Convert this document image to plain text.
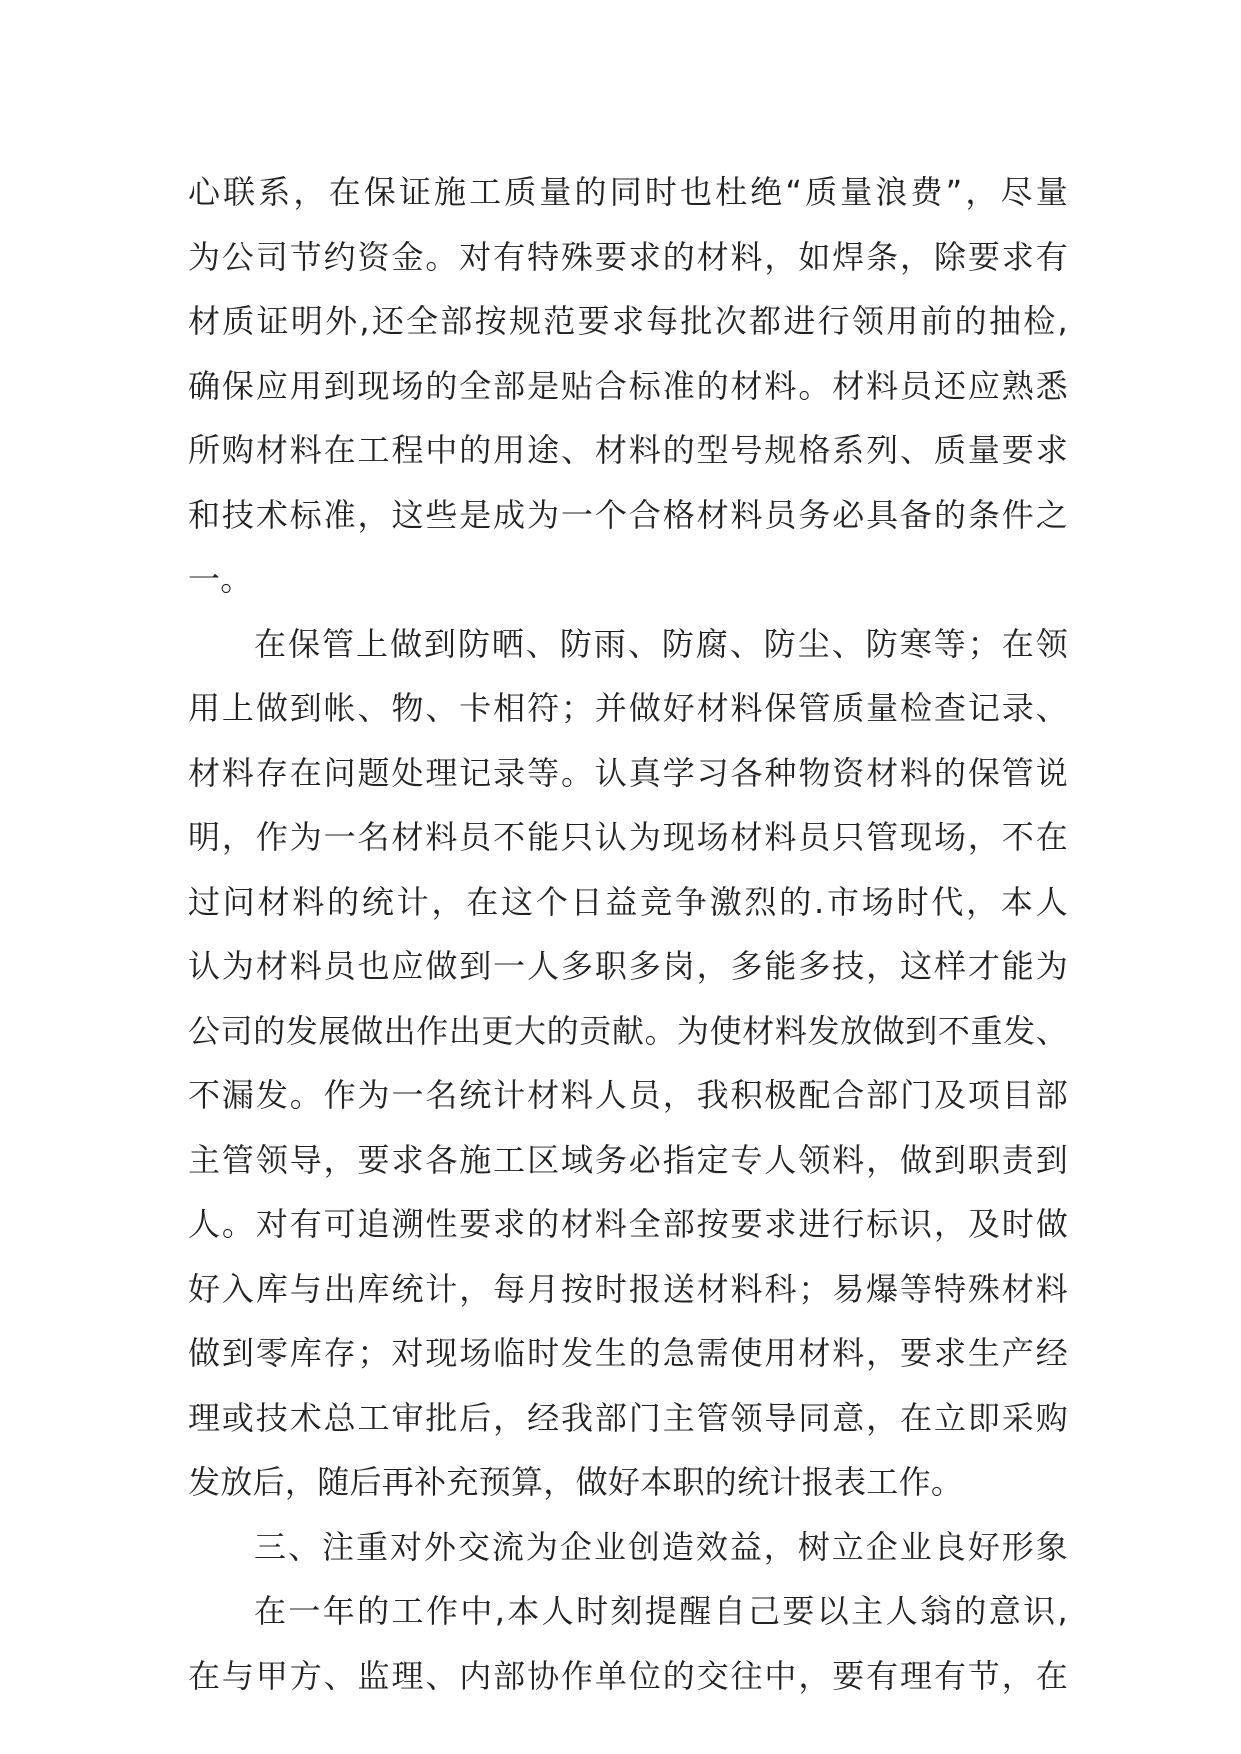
心联系，在保证施工质量的同时也杜绝“质量浪费”，尽量
为公司节约资金。对有特殊要求的材料，如焊条，除要求有
材质证明外,还全部按规范要求每批次都进行领用前的抽检,
确保应用到现场的全部是贴合标准的材料。材料员还应熟悉
所购材料在工程中的用途、材料的型号规格系列、质量要求
和技术标准，这些是成为一个合格材料员务必具备的条件之
一。
在保管上做到防晒、防雨、防腐、防尘、防寒等；在领
用上做到帐、物、卡相符；并做好材料保管质量检查记录、
材料存在问题处理记录等。认真学习各种物资材料的保管说
明，作为一名材料员不能只认为现场材料员只管现场，不在
过问材料的统计，在这个日益竞争激烈的.市场时代，本人
认为材料员也应做到一人多职多岗，多能多技，这样才能为
公司的发展做出作出更大的贡献。为使材料发放做到不重发、
不漏发。作为一名统计材料人员，我积极配合部门及项目部
主管领导，要求各施工区域务必指定专人领料，做到职责到
人。对有可追溯性要求的材料全部按要求进行标识，及时做
好入库与出库统计，每月按时报送材料科；易爆等特殊材料
做到零库存；对现场临时发生的急需使用材料，要求生产经
理或技术总工审批后，经我部门主管领导同意，在立即采购
发放后，随后再补充预算，做好本职的统计报表工作。
三、注重对外交流为企业创造效益，树立企业良好形象
在一年的工作中,本人时刻提醒自己要以主人翁的意识,
在与甲方、监理、内部协作单位的交往中，要有理有节，在
